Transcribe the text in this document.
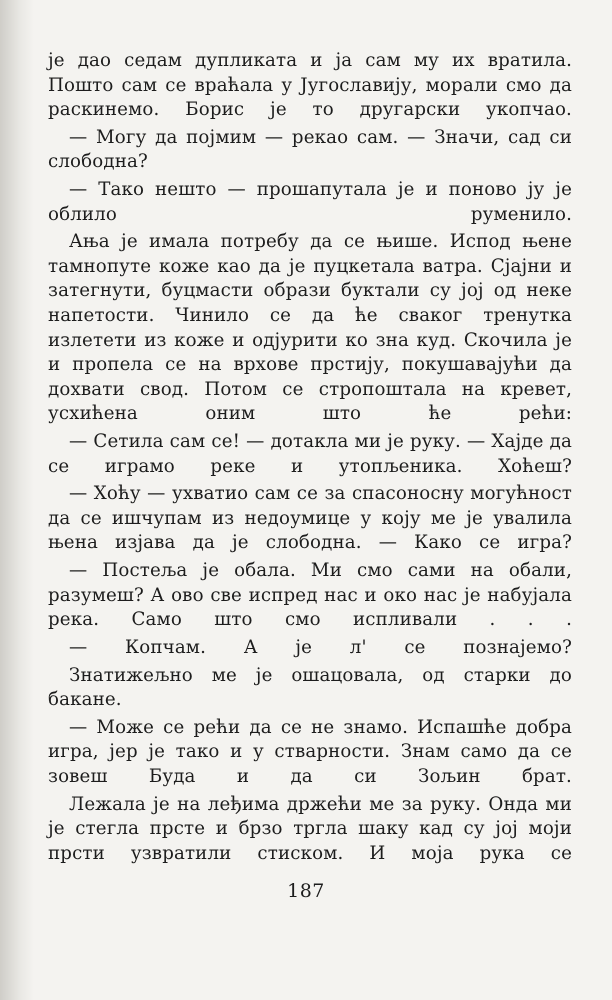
је дао седам дупликата и ја сам му их вратила. Пошто сам се враћала у Југославију, морали смо да раскинемо. Борис је то другарски укопчао.

— Могу да појмим — рекао сам. — Значи, сад си слободна?

— Тако нешто — прошапутала је и поново ју је облило руменило.

Ања је имала потребу да се њише. Испод њене тамнопуте коже као да је пуцкетала ватра. Сјајни и затегнути, буцмасти образи буктали су јој од неке напетости. Чинило се да ће сваког тренутка излетети из коже и одјурити ко зна куд. Скочила је и пропела се на врхове прстију, покушавајући да дохвати свод. Потом се стропоштала на кревет, усхићена оним што ће рећи:

— Сетила сам се! — дотакла ми је руку. — Хајде да се играмо реке и утопљеника. Хоћеш?

— Хоћу — ухватио сам се за спасоносну могућност да се ишчупам из недоумице у коју ме је увалила њена изјава да је слободна. — Како се игра?

— Постеља је обала. Ми смо сами на обали, разумеш? А ово све испред нас и око нас је набујала река. Само што смо испливали . . .

— Копчам. А је л' се познајемо?

Знатижељно ме је ошацовала, од старки до бакане.

— Може се рећи да се не знамо. Испашће добра игра, јер је тако и у стварности. Знам само да се зовеш Буда и да си Зољин брат.

Лежала је на леђима држећи ме за руку. Онда ми је стегла прсте и брзо тргла шаку кад су јој моји прсти узвратили стиском. И моја рука се

187
